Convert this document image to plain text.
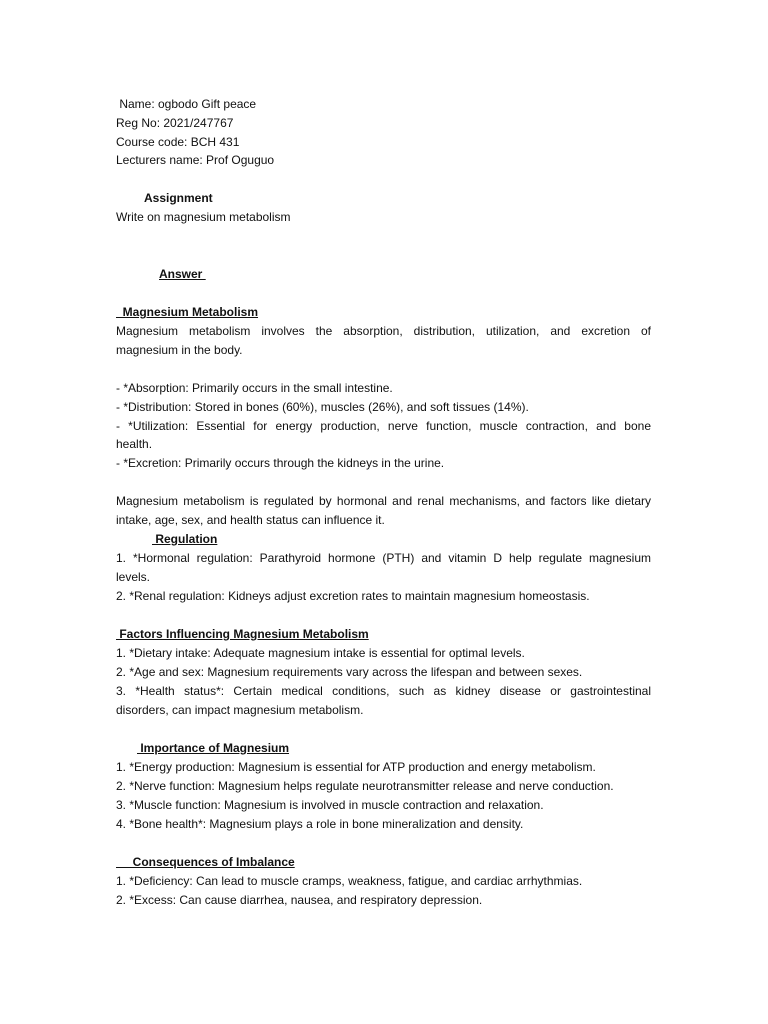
Name: ogbodo Gift peace
Reg No: 2021/247767
Course code: BCH 431
Lecturers name: Prof Oguguo
Assignment
Write on magnesium metabolism
Answer
Magnesium Metabolism
Magnesium metabolism involves the absorption, distribution, utilization, and excretion of
magnesium in the body.
- *Absorption: Primarily occurs in the small intestine.
- *Distribution: Stored in bones (60%), muscles (26%), and soft tissues (14%).
- *Utilization: Essential for energy production, nerve function, muscle contraction, and bone
health.
- *Excretion: Primarily occurs through the kidneys in the urine.
Magnesium metabolism is regulated by hormonal and renal mechanisms, and factors like dietary
intake, age, sex, and health status can influence it.
Regulation
1. *Hormonal regulation: Parathyroid hormone (PTH) and vitamin D help regulate magnesium
levels.
2. *Renal regulation: Kidneys adjust excretion rates to maintain magnesium homeostasis.
Factors Influencing Magnesium Metabolism
1. *Dietary intake: Adequate magnesium intake is essential for optimal levels.
2. *Age and sex: Magnesium requirements vary across the lifespan and between sexes.
3. *Health status*: Certain medical conditions, such as kidney disease or gastrointestinal
disorders, can impact magnesium metabolism.
Importance of Magnesium
1. *Energy production: Magnesium is essential for ATP production and energy metabolism.
2. *Nerve function: Magnesium helps regulate neurotransmitter release and nerve conduction.
3. *Muscle function: Magnesium is involved in muscle contraction and relaxation.
4. *Bone health*: Magnesium plays a role in bone mineralization and density.
Consequences of Imbalance
1. *Deficiency: Can lead to muscle cramps, weakness, fatigue, and cardiac arrhythmias.
2. *Excess: Can cause diarrhea, nausea, and respiratory depression.
